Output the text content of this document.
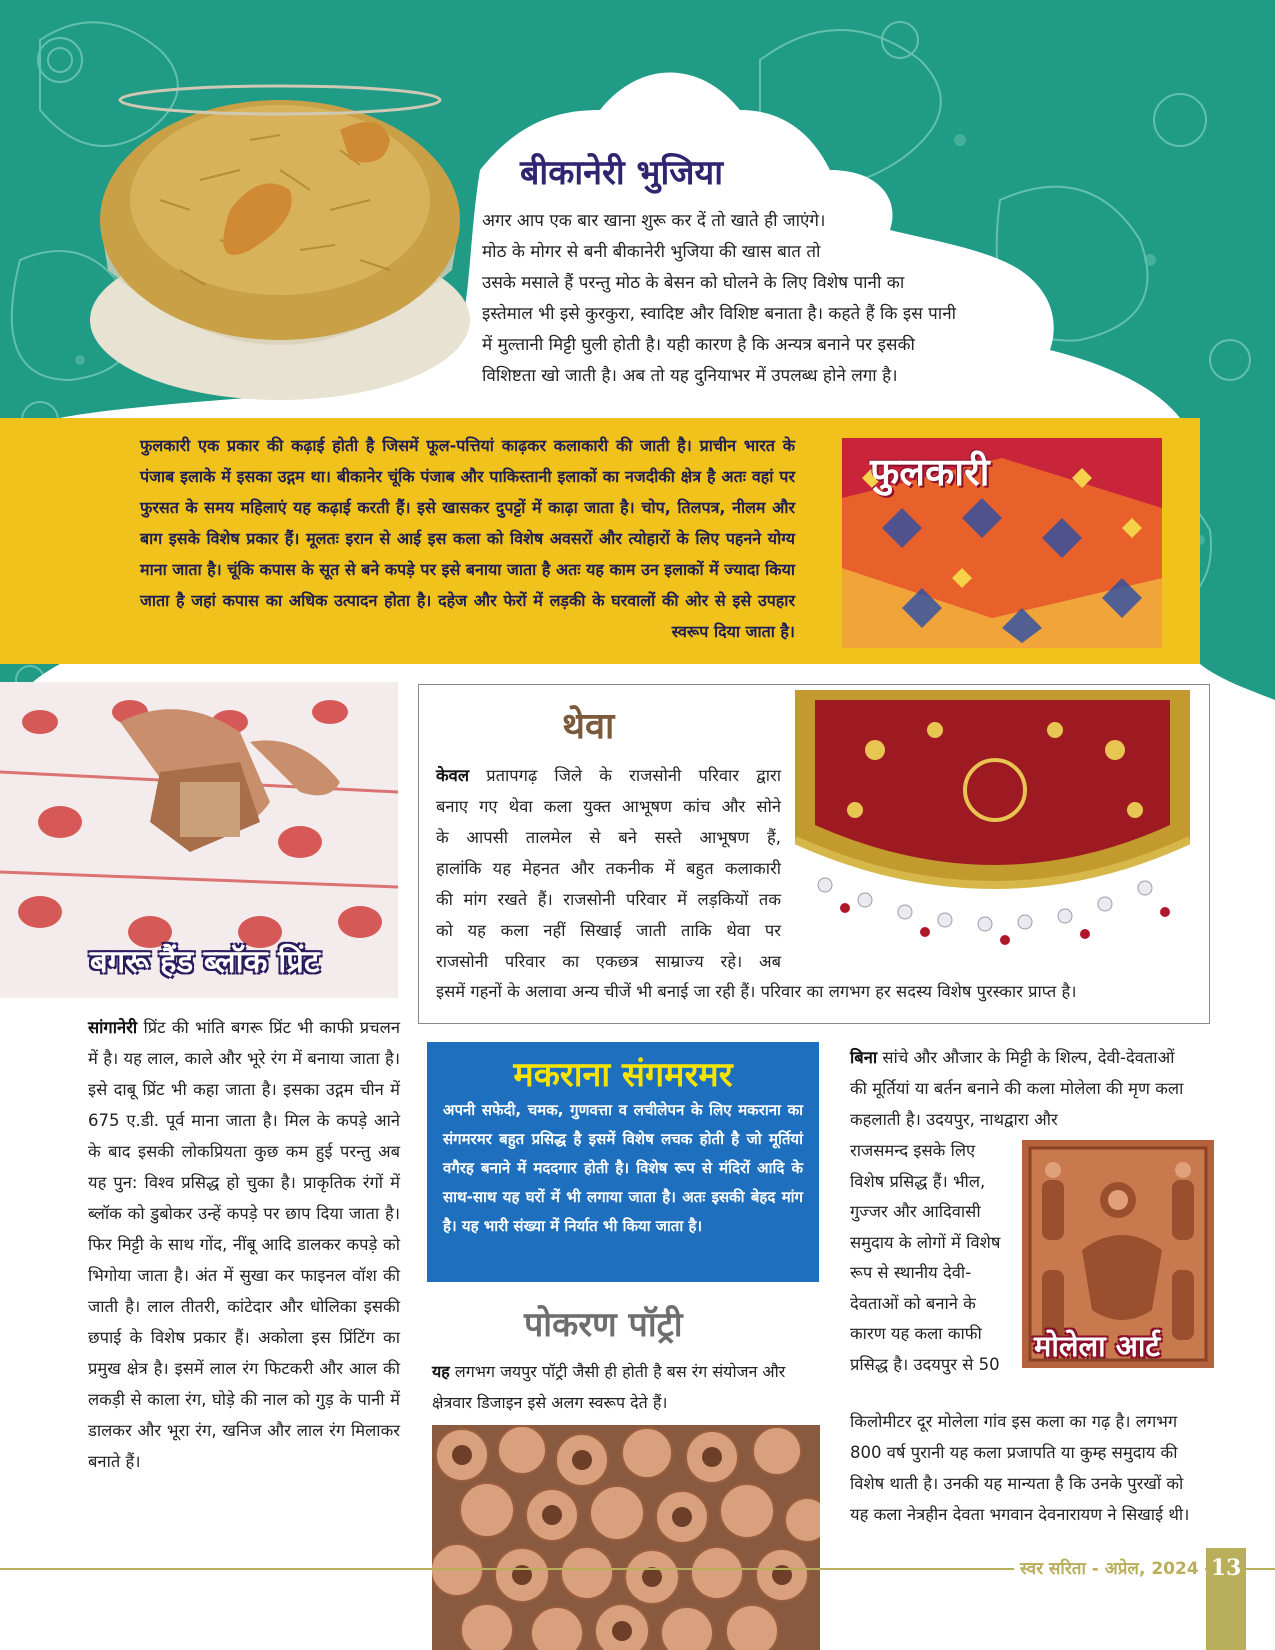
बीकानेरी भुजिया
अगर आप एक बार खाना शुरू कर दें तो खाते ही जाएंगे।
मोठ के मोगर से बनी बीकानेरी भुजिया की खास बात तो
उसके मसाले हैं परन्तु मोठ के बेसन को घोलने के लिए विशेष पानी का
इस्तेमाल भी इसे कुरकुरा, स्वादिष्ट और विशिष्ट बनाता है। कहते हैं कि इस पानी
में मुल्तानी मिट्टी घुली होती है। यही कारण है कि अन्यत्र बनाने पर इसकी
विशिष्टता खो जाती है। अब तो यह दुनियाभर में उपलब्ध होने लगा है।
फुलकारी एक प्रकार की कढ़ाई होती है जिसमें फूल-पत्तियां काढ़कर कलाकारी की जाती है। प्राचीन भारत के पंजाब इलाके में इसका उद्गम था। बीकानेर चूंकि पंजाब और पाकिस्तानी इलाकों का नजदीकी क्षेत्र है अतः वहां पर फुरसत के समय महिलाएं यह कढ़ाई करती हैं। इसे खासकर दुपट्टों में काढ़ा जाता है। चोप, तिलपत्र, नीलम और बाग इसके विशेष प्रकार हैं। मूलतः इरान से आई इस कला को विशेष अवसरों और त्योहारों के लिए पहनने योग्य माना जाता है। चूंकि कपास के सूत से बने कपड़े पर इसे बनाया जाता है अतः यह काम उन इलाकों में ज्यादा किया जाता है जहां कपास का अधिक उत्पादन होता है। दहेज और फेरों में लड़की के घरवालों की ओर से इसे उपहार स्वरूप दिया जाता है।
फुलकारी
बगरू हैंड ब्लॉक प्रिंट
थेवा
केवल प्रतापगढ़ जिले के राजसोनी परिवार द्वारा
बनाए गए थेवा कला युक्त आभूषण कांच और सोने
के आपसी तालमेल से बने सस्ते आभूषण हैं,
हालांकि यह मेहनत और तकनीक में बहुत कलाकारी
की मांग रखते हैं। राजसोनी परिवार में लड़कियों तक
को यह कला नहीं सिखाई जाती ताकि थेवा पर
राजसोनी परिवार का एकछत्र साम्राज्य रहे। अब
इसमें गहनों के अलावा अन्य चीजें भी बनाई जा रही हैं। परिवार का लगभग हर सदस्य विशेष पुरस्कार प्राप्त है।
सांगानेरी प्रिंट की भांति बगरू प्रिंट भी काफी प्रचलन में है। यह लाल, काले और भूरे रंग में बनाया जाता है। इसे दाबू प्रिंट भी कहा जाता है। इसका उद्गम चीन में 675 ए.डी. पूर्व माना जाता है। मिल के कपड़े आने के बाद इसकी लोकप्रियता कुछ कम हुई परन्तु अब यह पुन: विश्व प्रसिद्ध हो चुका है। प्राकृतिक रंगों में ब्लॉक को डुबोकर उन्हें कपड़े पर छाप दिया जाता है। फिर मिट्टी के साथ गोंद, नींबू आदि डालकर कपड़े को भिगोया जाता है। अंत में सुखा कर फाइनल वॉश की जाती है। लाल तीतरी, कांटेदार और धोलिका इसकी छपाई के विशेष प्रकार हैं। अकोला इस प्रिंटिंग का प्रमुख क्षेत्र है। इसमें लाल रंग फिटकरी और आल की लकड़ी से काला रंग, घोड़े की नाल को गुड़ के पानी में डालकर और भूरा रंग, खनिज और लाल रंग मिलाकर बनाते हैं।
मकराना संगमरमर
अपनी सफेदी, चमक, गुणवत्ता व लचीलेपन के लिए मकराना का संगमरमर बहुत प्रसिद्ध है इसमें विशेष लचक होती है जो मूर्तियां वगैरह बनाने में मददगार होती है। विशेष रूप से मंदिरों आदि के साथ-साथ यह घरों में भी लगाया जाता है। अतः इसकी बेहद मांग है। यह भारी संख्या में निर्यात भी किया जाता है।
पोकरण पॉट्री
यह लगभग जयपुर पॉट्री जैसी ही होती है बस रंग संयोजन और क्षेत्रवार डिजाइन इसे अलग स्वरूप देते हैं।
बिना सांचे और औजार के मिट्टी के शिल्प, देवी-देवताओं की मूर्तियां या बर्तन बनाने की कला मोलेला की मृण कला कहलाती है। उदयपुर, नाथद्वारा और
राजसमन्द इसके लिए विशेष प्रसिद्ध हैं। भील, गुज्जर और आदिवासी समुदाय के लोगों में विशेष रूप से स्थानीय देवी-देवताओं को बनाने के कारण यह कला काफी प्रसिद्ध है। उदयपुर से 50
मोलेला आर्ट
किलोमीटर दूर मोलेला गांव इस कला का गढ़ है। लगभग 800 वर्ष पुरानी यह कला प्रजापति या कुम्ह समुदाय की विशेष थाती है। उनकी यह मान्यता है कि उनके पुरखों को यह कला नेत्रहीन देवता भगवान देवनारायण ने सिखाई थी।
स्वर सरिता - अप्रेल, 2024 13
